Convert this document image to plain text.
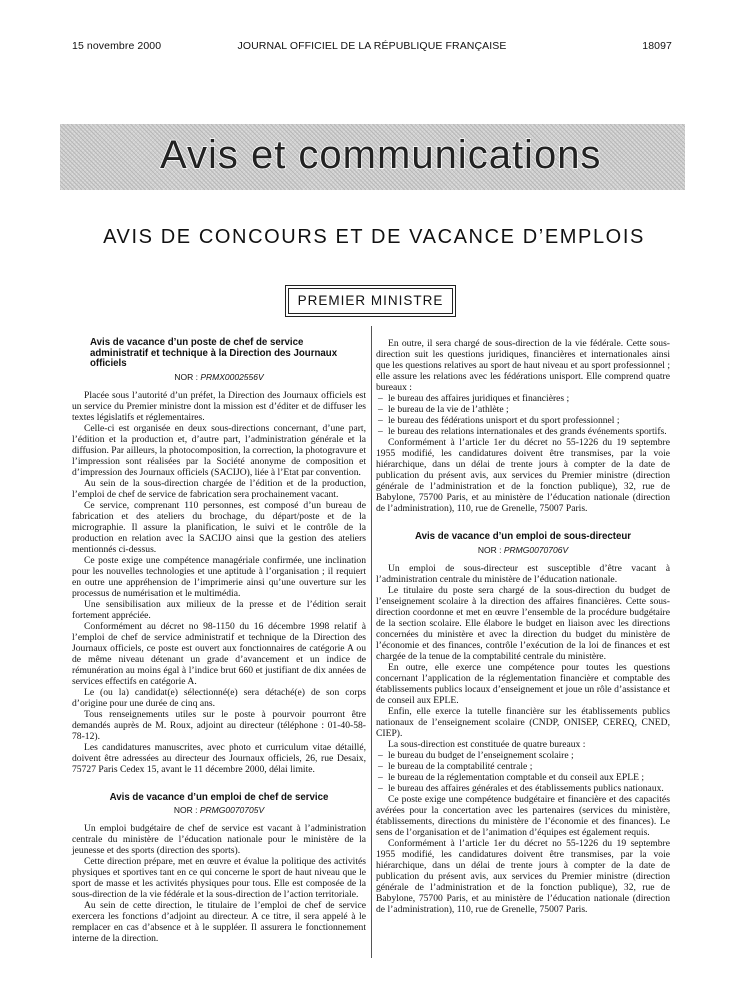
15 novembre 2000	JOURNAL OFFICIEL DE LA RÉPUBLIQUE FRANÇAISE	18097
Avis et communications
AVIS DE CONCOURS ET DE VACANCE D’EMPLOIS
PREMIER MINISTRE

Avis de vacance d’un poste de chef de service administratif et technique à la Direction des Journaux officiels

NOR : PRMX0002556V

Placée sous l’autorité d’un préfet, la Direction des Journaux officiels est un service du Premier ministre dont la mission est d’éditer et de diffuser les textes législatifs et réglementaires.

Celle-ci est organisée en deux sous-directions concernant, d’une part, l’édition et la production et, d’autre part, l’administration générale et la diffusion. Par ailleurs, la photocomposition, la correction, la photogravure et l’impression sont réalisées par la Société anonyme de composition et d’impression des Journaux officiels (SACIJO), liée à l’Etat par convention.

Au sein de la sous-direction chargée de l’édition et de la production, l’emploi de chef de service de fabrication sera prochainement vacant.

Ce service, comprenant 110 personnes, est composé d’un bureau de fabrication et des ateliers du brochage, du départ/poste et de la micrographie. Il assure la planification, le suivi et le contrôle de la production en relation avec la SACIJO ainsi que la gestion des ateliers mentionnés ci-dessus.

Ce poste exige une compétence managériale confirmée, une inclination pour les nouvelles technologies et une aptitude à l’organisation ; il requiert en outre une appréhension de l’imprimerie ainsi qu’une ouverture sur les processus de numérisation et le multimédia.

Une sensibilisation aux milieux de la presse et de l’édition serait fortement appréciée.

Conformément au décret no 98-1150 du 16 décembre 1998 relatif à l’emploi de chef de service administratif et technique de la Direction des Journaux officiels, ce poste est ouvert aux fonctionnaires de catégorie A ou de même niveau détenant un grade d’avancement et un indice de rémunération au moins égal à l’indice brut 660 et justifiant de dix années de services effectifs en catégorie A.

Le (ou la) candidat(e) sélectionné(e) sera détaché(e) de son corps d’origine pour une durée de cinq ans.

Tous renseignements utiles sur le poste à pourvoir pourront être demandés auprès de M. Roux, adjoint au directeur (téléphone : 01-40-58-78-12).

Les candidatures manuscrites, avec photo et curriculum vitae détaillé, doivent être adressées au directeur des Journaux officiels, 26, rue Desaix, 75727 Paris Cedex 15, avant le 11 décembre 2000, délai limite.

Avis de vacance d’un emploi de chef de service

NOR : PRMG0070705V

Un emploi budgétaire de chef de service est vacant à l’administration centrale du ministère de l’éducation nationale pour le ministère de la jeunesse et des sports (direction des sports).

Cette direction prépare, met en œuvre et évalue la politique des activités physiques et sportives tant en ce qui concerne le sport de haut niveau que le sport de masse et les activités physiques pour tous. Elle est composée de la sous-direction de la vie fédérale et la sous-direction de l’action territoriale.

Au sein de cette direction, le titulaire de l’emploi de chef de service exercera les fonctions d’adjoint au directeur. A ce titre, il sera appelé à le remplacer en cas d’absence et à le suppléer. Il assurera le fonctionnement interne de la direction.

En outre, il sera chargé de sous-direction de la vie fédérale. Cette sous-direction suit les questions juridiques, financières et internationales ainsi que les questions relatives au sport de haut niveau et au sport professionnel ; elle assure les relations avec les fédérations unisport. Elle comprend quatre bureaux :

– le bureau des affaires juridiques et financières ;

– le bureau de la vie de l’athlète ;

– le bureau des fédérations unisport et du sport professionnel ;

– le bureau des relations internationales et des grands événements sportifs.

Conformément à l’article 1er du décret no 55-1226 du 19 septembre 1955 modifié, les candidatures doivent être transmises, par la voie hiérarchique, dans un délai de trente jours à compter de la date de publication du présent avis, aux services du Premier ministre (direction générale de l’administration et de la fonction publique), 32, rue de Babylone, 75700 Paris, et au ministère de l’éducation nationale (direction de l’administration), 110, rue de Grenelle, 75007 Paris.

Avis de vacance d’un emploi de sous-directeur

NOR : PRMG0070706V

Un emploi de sous-directeur est susceptible d’être vacant à l’administration centrale du ministère de l’éducation nationale.

Le titulaire du poste sera chargé de la sous-direction du budget de l’enseignement scolaire à la direction des affaires financières. Cette sous-direction coordonne et met en œuvre l’ensemble de la procédure budgétaire de la section scolaire. Elle élabore le budget en liaison avec les directions concernées du ministère et avec la direction du budget du ministère de l’économie et des finances, contrôle l’exécution de la loi de finances et est chargée de la tenue de la comptabilité centrale du ministère.

En outre, elle exerce une compétence pour toutes les questions concernant l’application de la réglementation financière et comptable des établissements publics locaux d’enseignement et joue un rôle d’assistance et de conseil aux EPLE.

Enfin, elle exerce la tutelle financière sur les établissements publics nationaux de l’enseignement scolaire (CNDP, ONISEP, CEREQ, CNED, CIEP).

La sous-direction est constituée de quatre bureaux :

– le bureau du budget de l’enseignement scolaire ;

– le bureau de la comptabilité centrale ;

– le bureau de la réglementation comptable et du conseil aux EPLE ;

– le bureau des affaires générales et des établissements publics nationaux.

Ce poste exige une compétence budgétaire et financière et des capacités avérées pour la concertation avec les partenaires (services du ministère, établissements, directions du ministère de l’économie et des finances). Le sens de l’organisation et de l’animation d’équipes est également requis.

Conformément à l’article 1er du décret no 55-1226 du 19 septembre 1955 modifié, les candidatures doivent être transmises, par la voie hiérarchique, dans un délai de trente jours à compter de la date de publication du présent avis, aux services du Premier ministre (direction générale de l’administration et de la fonction publique), 32, rue de Babylone, 75700 Paris, et au ministère de l’éducation nationale (direction de l’administration), 110, rue de Grenelle, 75007 Paris.
